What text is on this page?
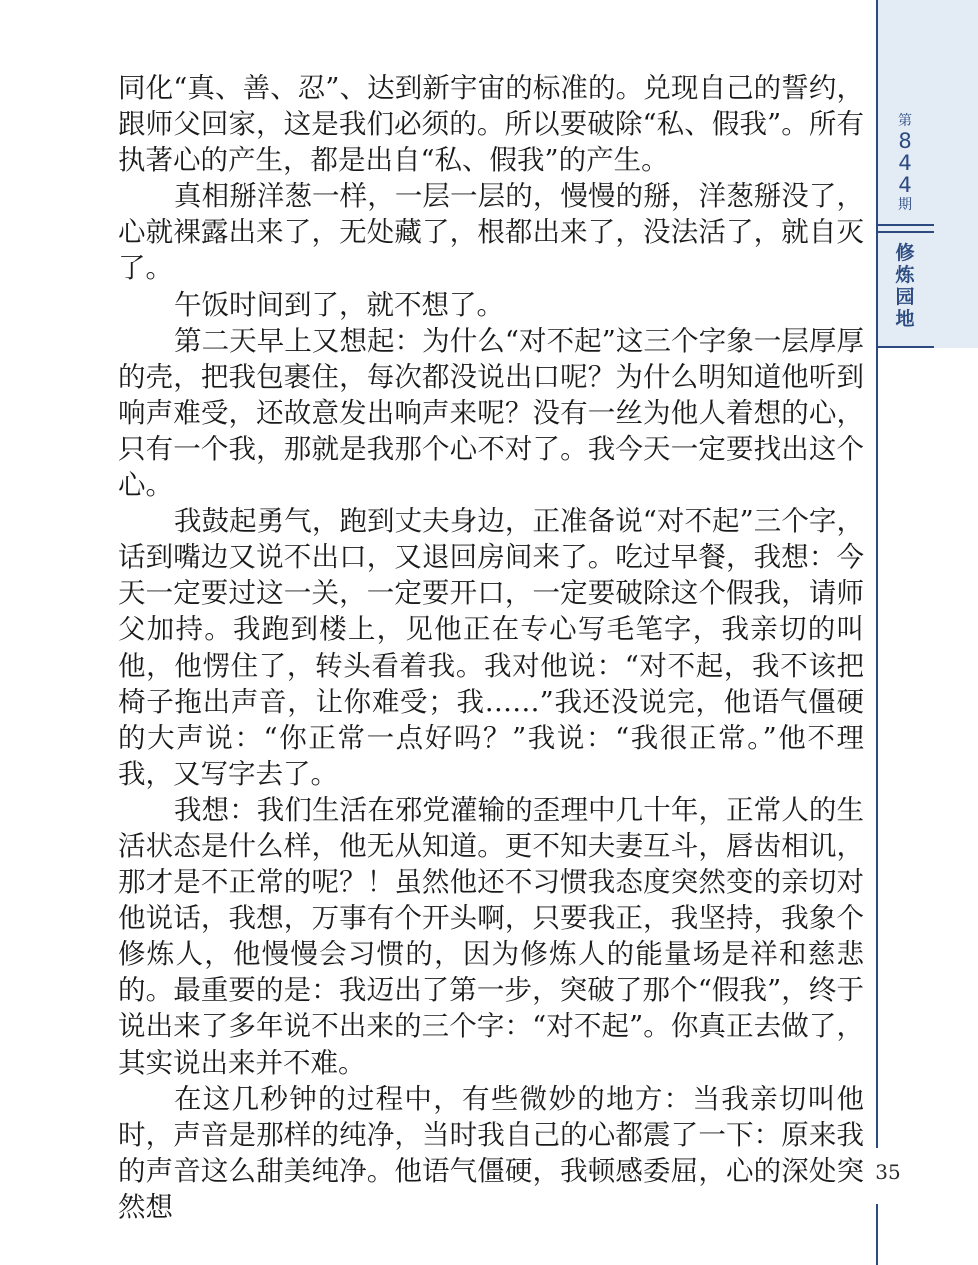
第
8
4
4
期
修
炼
园
地

同化“真、善、忍”、达到新宇宙的标准的。兑现自己的誓约，跟师父回家，这是我们必须的。所以要破除“私、假我”。所有执著心的产生，都是出自“私、假我”的产生。

真相掰洋葱一样，一层一层的，慢慢的掰，洋葱掰没了，心就裸露出来了，无处藏了，根都出来了，没法活了，就自灭了。

午饭时间到了，就不想了。

第二天早上又想起：为什么“对不起”这三个字象一层厚厚的壳，把我包裹住，每次都没说出口呢？为什么明知道他听到响声难受，还故意发出响声来呢？没有一丝为他人着想的心，只有一个我，那就是我那个心不对了。我今天一定要找出这个心。

我鼓起勇气，跑到丈夫身边，正准备说“对不起”三个字，话到嘴边又说不出口，又退回房间来了。吃过早餐，我想：今天一定要过这一关，一定要开口，一定要破除这个假我，请师父加持。我跑到楼上，见他正在专心写毛笔字，我亲切的叫他，他愣住了，转头看着我。我对他说：“对不起，我不该把椅子拖出声音，让你难受；我……”我还没说完，他语气僵硬的大声说：“你正常一点好吗？”我说：“我很正常。”他不理我，又写字去了。

我想：我们生活在邪党灌输的歪理中几十年，正常人的生活状态是什么样，他无从知道。更不知夫妻互斗，唇齿相讥，那才是不正常的呢？！虽然他还不习惯我态度突然变的亲切对他说话，我想，万事有个开头啊，只要我正，我坚持，我象个修炼人，他慢慢会习惯的，因为修炼人的能量场是祥和慈悲的。最重要的是：我迈出了第一步，突破了那个“假我”，终于说出来了多年说不出来的三个字：“对不起”。你真正去做了，其实说出来并不难。

在这几秒钟的过程中，有些微妙的地方：当我亲切叫他时，声音是那样的纯净，当时我自己的心都震了一下：原来我的声音这么甜美纯净。他语气僵硬，我顿感委屈，心的深处突然想

35
